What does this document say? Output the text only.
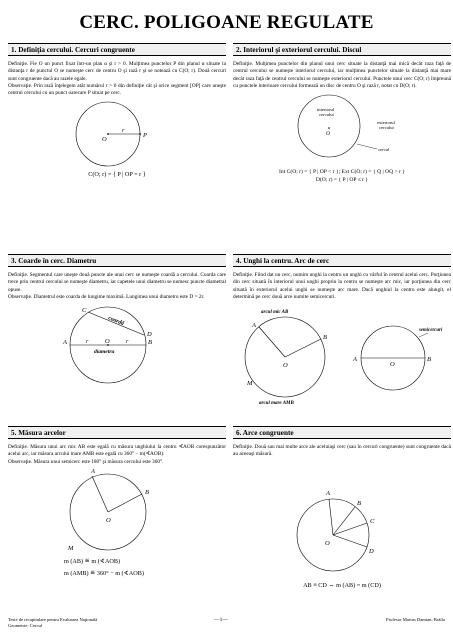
CERC. POLIGOANE REGULATE
1. Definiţia cercului. Cercuri congruente

Definiţie. Fie O un punct fixat într-un plan α şi r > 0. Mulţimea punctelor P din planul α situate la distanţa r de punctul O se numeşte cerc de centru O şi rază r şi se notează cu C(O; r). Două cercuri sunt congruente dacă au razele egale.

Observaţie. Prin rază înţelegem atât numărul r > 0 din definiţie cât şi orice segment [OP] care uneşte centrul cercului cu un punct oarecare P situat pe cerc.

O
r
P
C(O; r) = { P | OP = r }
2. Interiorul şi exteriorul cercului. Discul

Definiţie. Mulţimea punctelor din planul unui cerc situate la distanţă mai mică decât raza faţă de centrul cercului se numeşte interiorul cercului, iar mulţimea punctelor situate la distanţă mai mare decât raza faţă de centrul cercului se numeşte exteriorul cercului. Punctele unui cerc C(O; r) împreună cu punctele interioare cercului formează un disc de centru O şi rază r, notat cu D(O; r).

interiorul
cercului
O
exteriorul
cercului
cercul
Int C(O; r) = { P | OP < r }; Ext C(O; r) = { Q | OQ > r }
D(O; r) = { P | OP ≤ r }
3. Coarde în cerc. Diametru

Definiţie. Segmentul care uneşte două puncte ale unui cerc se numeşte coardă a cercului. Coarda care trece prin centrul cercului se numeşte diametru, iar capetele unui diametru se numesc puncte diametral opuse.

Observaţie. Diametrul este coarda de lungime maximă. Lungimea unui diametru este D = 2r.

C
coardă
D
A	r	O	r	B
diametru
4. Unghi la centru. Arc de cerc

Definiţie. Fiind dat un cerc, numim unghi la centru un unghi cu vârful în centrul acelui cerc. Porţiunea din cerc situată în interiorul unui unghi propriu la centru se numeşte arc mic, iar porţiunea din cerc situată în exteriorul acelui unghi se numeşte arc mare. Dacă unghiul la centru este alungit, el determină pe cerc două arce numite semicercuri.

arcul mic AB
A
B
O
M
arcul mare AMB
semicercuri
A
O
B
5. Măsura arcelor

Definiţie. Măsura unui arc mic AB este egală cu măsura unghiului la centru ∢AOB corespunzător acelui arc, iar măsura arcului mare AMB este egală cu 360° − m(∢AOB).

Observaţie. Măsura unui semicerc este 180° şi măsura cercului este 360°.

A
B
O
M
m (AB) ≝ m (∢AOB)
m (AMB) ≝ 360° − m (∢AOB)
6. Arce congruente

Definiţie. Două sau mai multe arce ale aceluiaşi cerc (sau în cercuri congruente) sunt congruente dacă au aceeaşi măsură.

A
B
C
O
D
AB ≡ CD ⇔ m (AB) = m (CD)
Teste de recapitulare pentru Evaluarea Naţională
Geometrie: Cercul
—1—	Profesor Marius Damian, Brăila
